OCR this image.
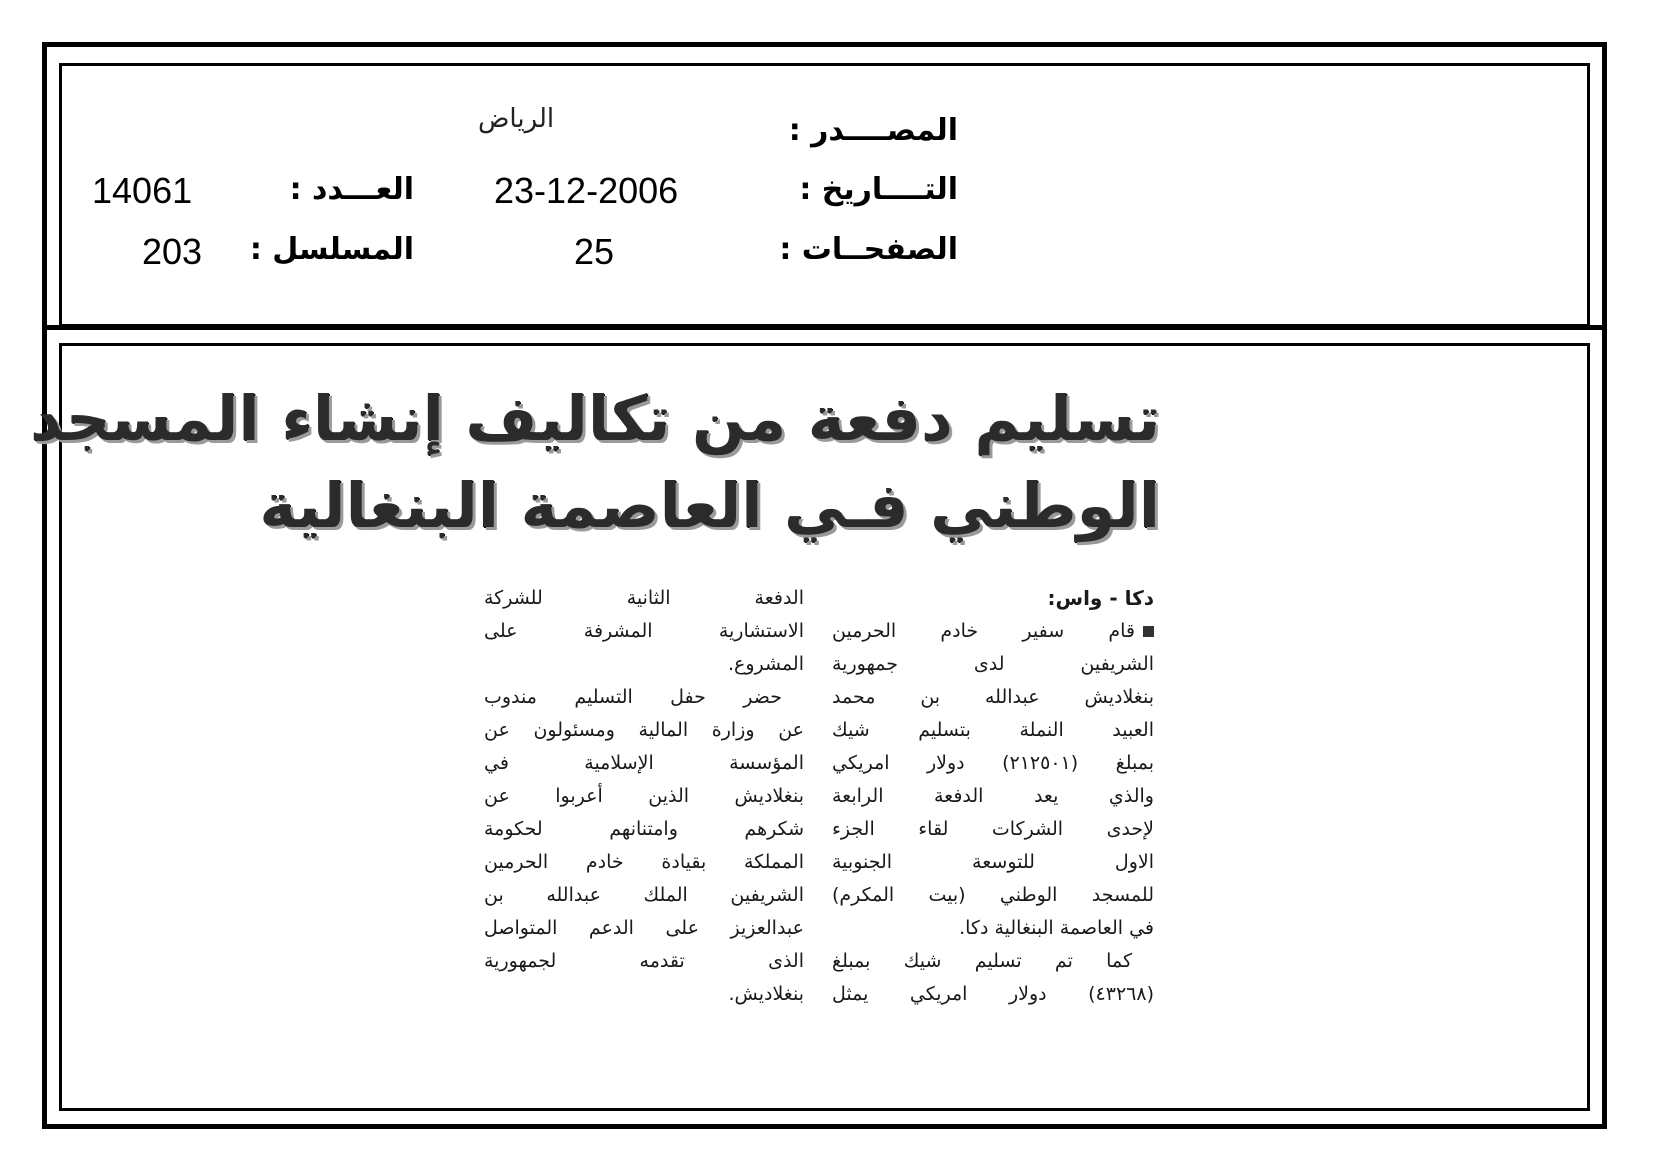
المصــــدر :
التــــاريخ :
الصفحــات :
الرياض
23-12-2006
25
العـــدد :
المسلسل :
14061
203
تسليم دفعة من تكاليف إنشاء المسجد
الوطني فـي العاصمة البنغالية
دكا - واس:
قام سفير خادم الحرمين
الشريفين لدى جمهورية
بنغلاديش عبدالله بن محمد
العبيد النملة بتسليم شيك
بمبلغ (٢١٢٥٠١) دولار امريكي
والذي يعد الدفعة الرابعة
لإحدى الشركات لقاء الجزء
الاول للتوسعة الجنوبية
للمسجد الوطني (بيت المكرم)
في العاصمة البنغالية دكا.
كما تم تسليم شيك بمبلغ
(٤٣٢٦٨) دولار امريكي يمثل
الدفعة الثانية للشركة
الاستشارية المشرفة على
المشروع.
حضر حفل التسليم مندوب
عن وزارة المالية ومسئولون عن
المؤسسة الإسلامية في
بنغلاديش الذين أعربوا عن
شكرهم وامتنانهم لحكومة
المملكة بقيادة خادم الحرمين
الشريفين الملك عبدالله بن
عبدالعزيز على الدعم المتواصل
الذى تقدمه لجمهورية
بنغلاديش.
